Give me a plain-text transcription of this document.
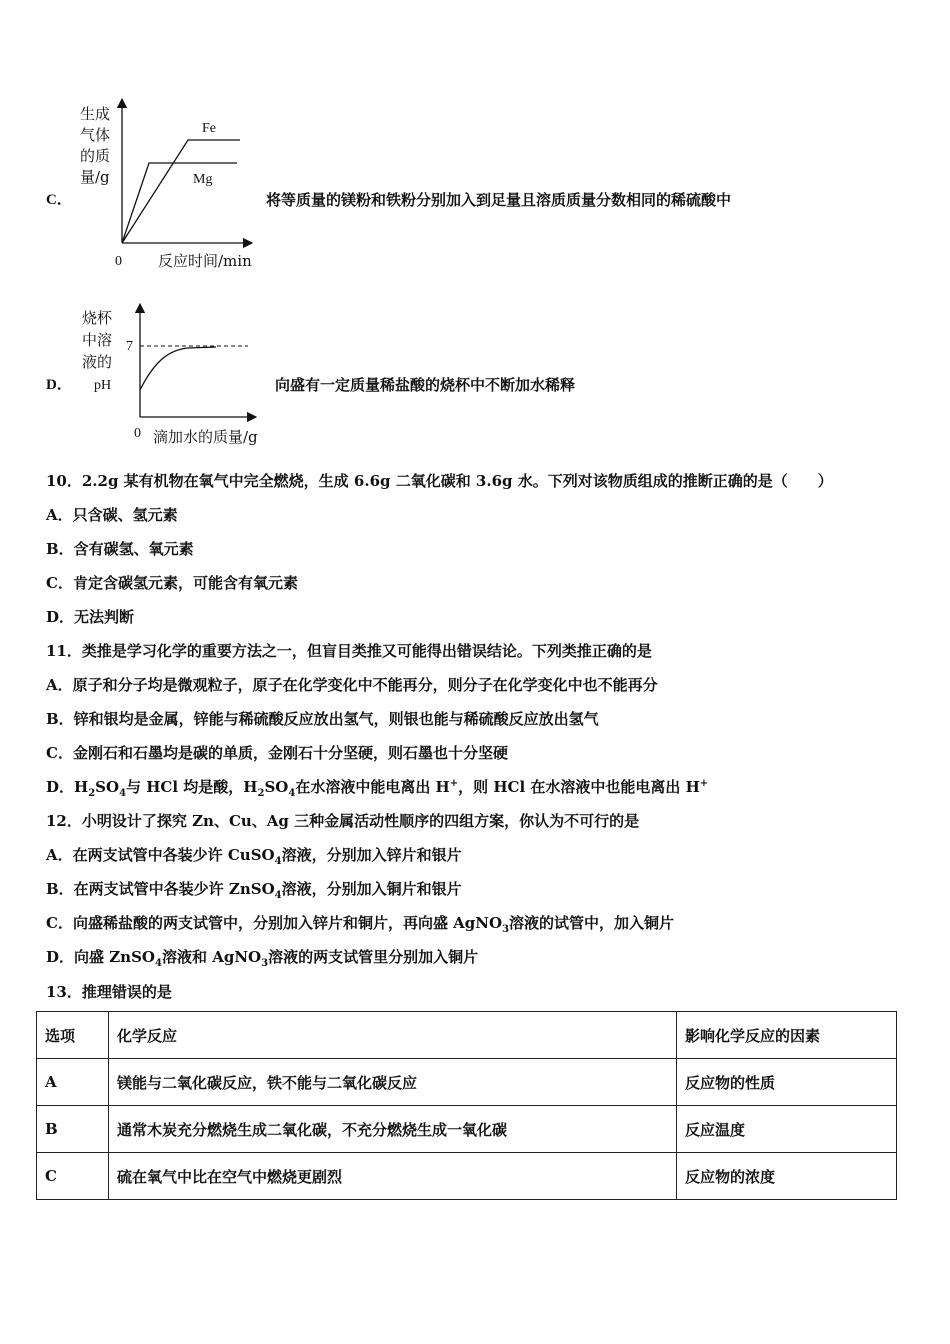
C．
生成
气体
的质
量/g
Fe
Mg
0 反应时间/min
将等质量的镁粉和铁粉分别加入到足量且溶质质量分数相同的稀硫酸中
D．
烧杯
中溶
液的
pH
7
0 滴加水的质量/g
向盛有一定质量稀盐酸的烧杯中不断加水稀释
10．2.2g 某有机物在氧气中完全燃烧，生成 6.6g 二氧化碳和 3.6g 水。下列对该物质组成的推断正确的是（　　）
A．只含碳、氢元素
B．含有碳氢、氧元素
C．肯定含碳氢元素，可能含有氧元素
D．无法判断
11．类推是学习化学的重要方法之一，但盲目类推又可能得出错误结论。下列类推正确的是
A．原子和分子均是微观粒子，原子在化学变化中不能再分，则分子在化学变化中也不能再分
B．锌和银均是金属，锌能与稀硫酸反应放出氢气，则银也能与稀硫酸反应放出氢气
C．金刚石和石墨均是碳的单质，金刚石十分坚硬，则石墨也十分坚硬
D．$H_2SO_4$与 HCl 均是酸，$H_2SO_4$在水溶液中能电离出 H+，则 HCl 在水溶液中也能电离出 H+
12．小明设计了探究 Zn、Cu、Ag 三种金属活动性顺序的四组方案，你认为不可行的是
A．在两支试管中各装少许 CuSO$_4$溶液，分别加入锌片和银片
B．在两支试管中各装少许 ZnSO$_4$溶液，分别加入铜片和银片
C．向盛稀盐酸的两支试管中，分别加入锌片和铜片，再向盛 AgNO$_3$溶液的试管中，加入铜片
D．向盛 ZnSO$_4$溶液和 AgNO$_3$溶液的两支试管里分别加入铜片
13．推理错误的是
选项	化学反应	影响化学反应的因素
A	镁能与二氧化碳反应，铁不能与二氧化碳反应	反应物的性质
B	通常木炭充分燃烧生成二氧化碳，不充分燃烧生成一氧化碳	反应温度
C	硫在氧气中比在空气中燃烧更剧烈	反应物的浓度
